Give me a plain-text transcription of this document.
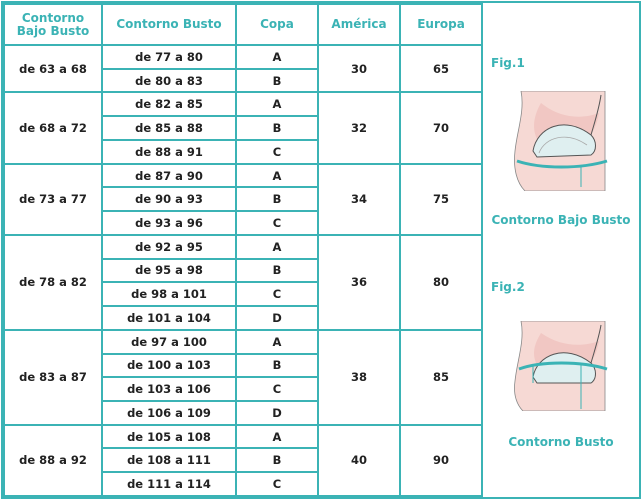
Contorno Bajo Busto	Contorno Busto	Copa	América	Europa
de 63 a 68	de 77 a 80	A	30	65
	de 80 a 83	B		
de 68 a 72	de 82 a 85	A	32	70
	de 85 a 88	B		
	de 88 a 91	C		
de 73 a 77	de 87 a 90	A	34	75
	de 90 a 93	B		
	de 93 a 96	C		
de 78 a 82	de 92 a 95	A	36	80
	de 95 a 98	B		
	de 98 a 101	C		
	de 101 a 104	D		
de 83 a 87	de 97 a 100	A	38	85
	de 100 a 103	B		
	de 103 a 106	C		
	de 106 a 109	D		
de 88 a 92	de 105 a 108	A	40	90
	de 108 a 111	B		
	de 111 a 114	C		
Fig.1
Contorno Bajo Busto
Fig.2
Contorno Busto
